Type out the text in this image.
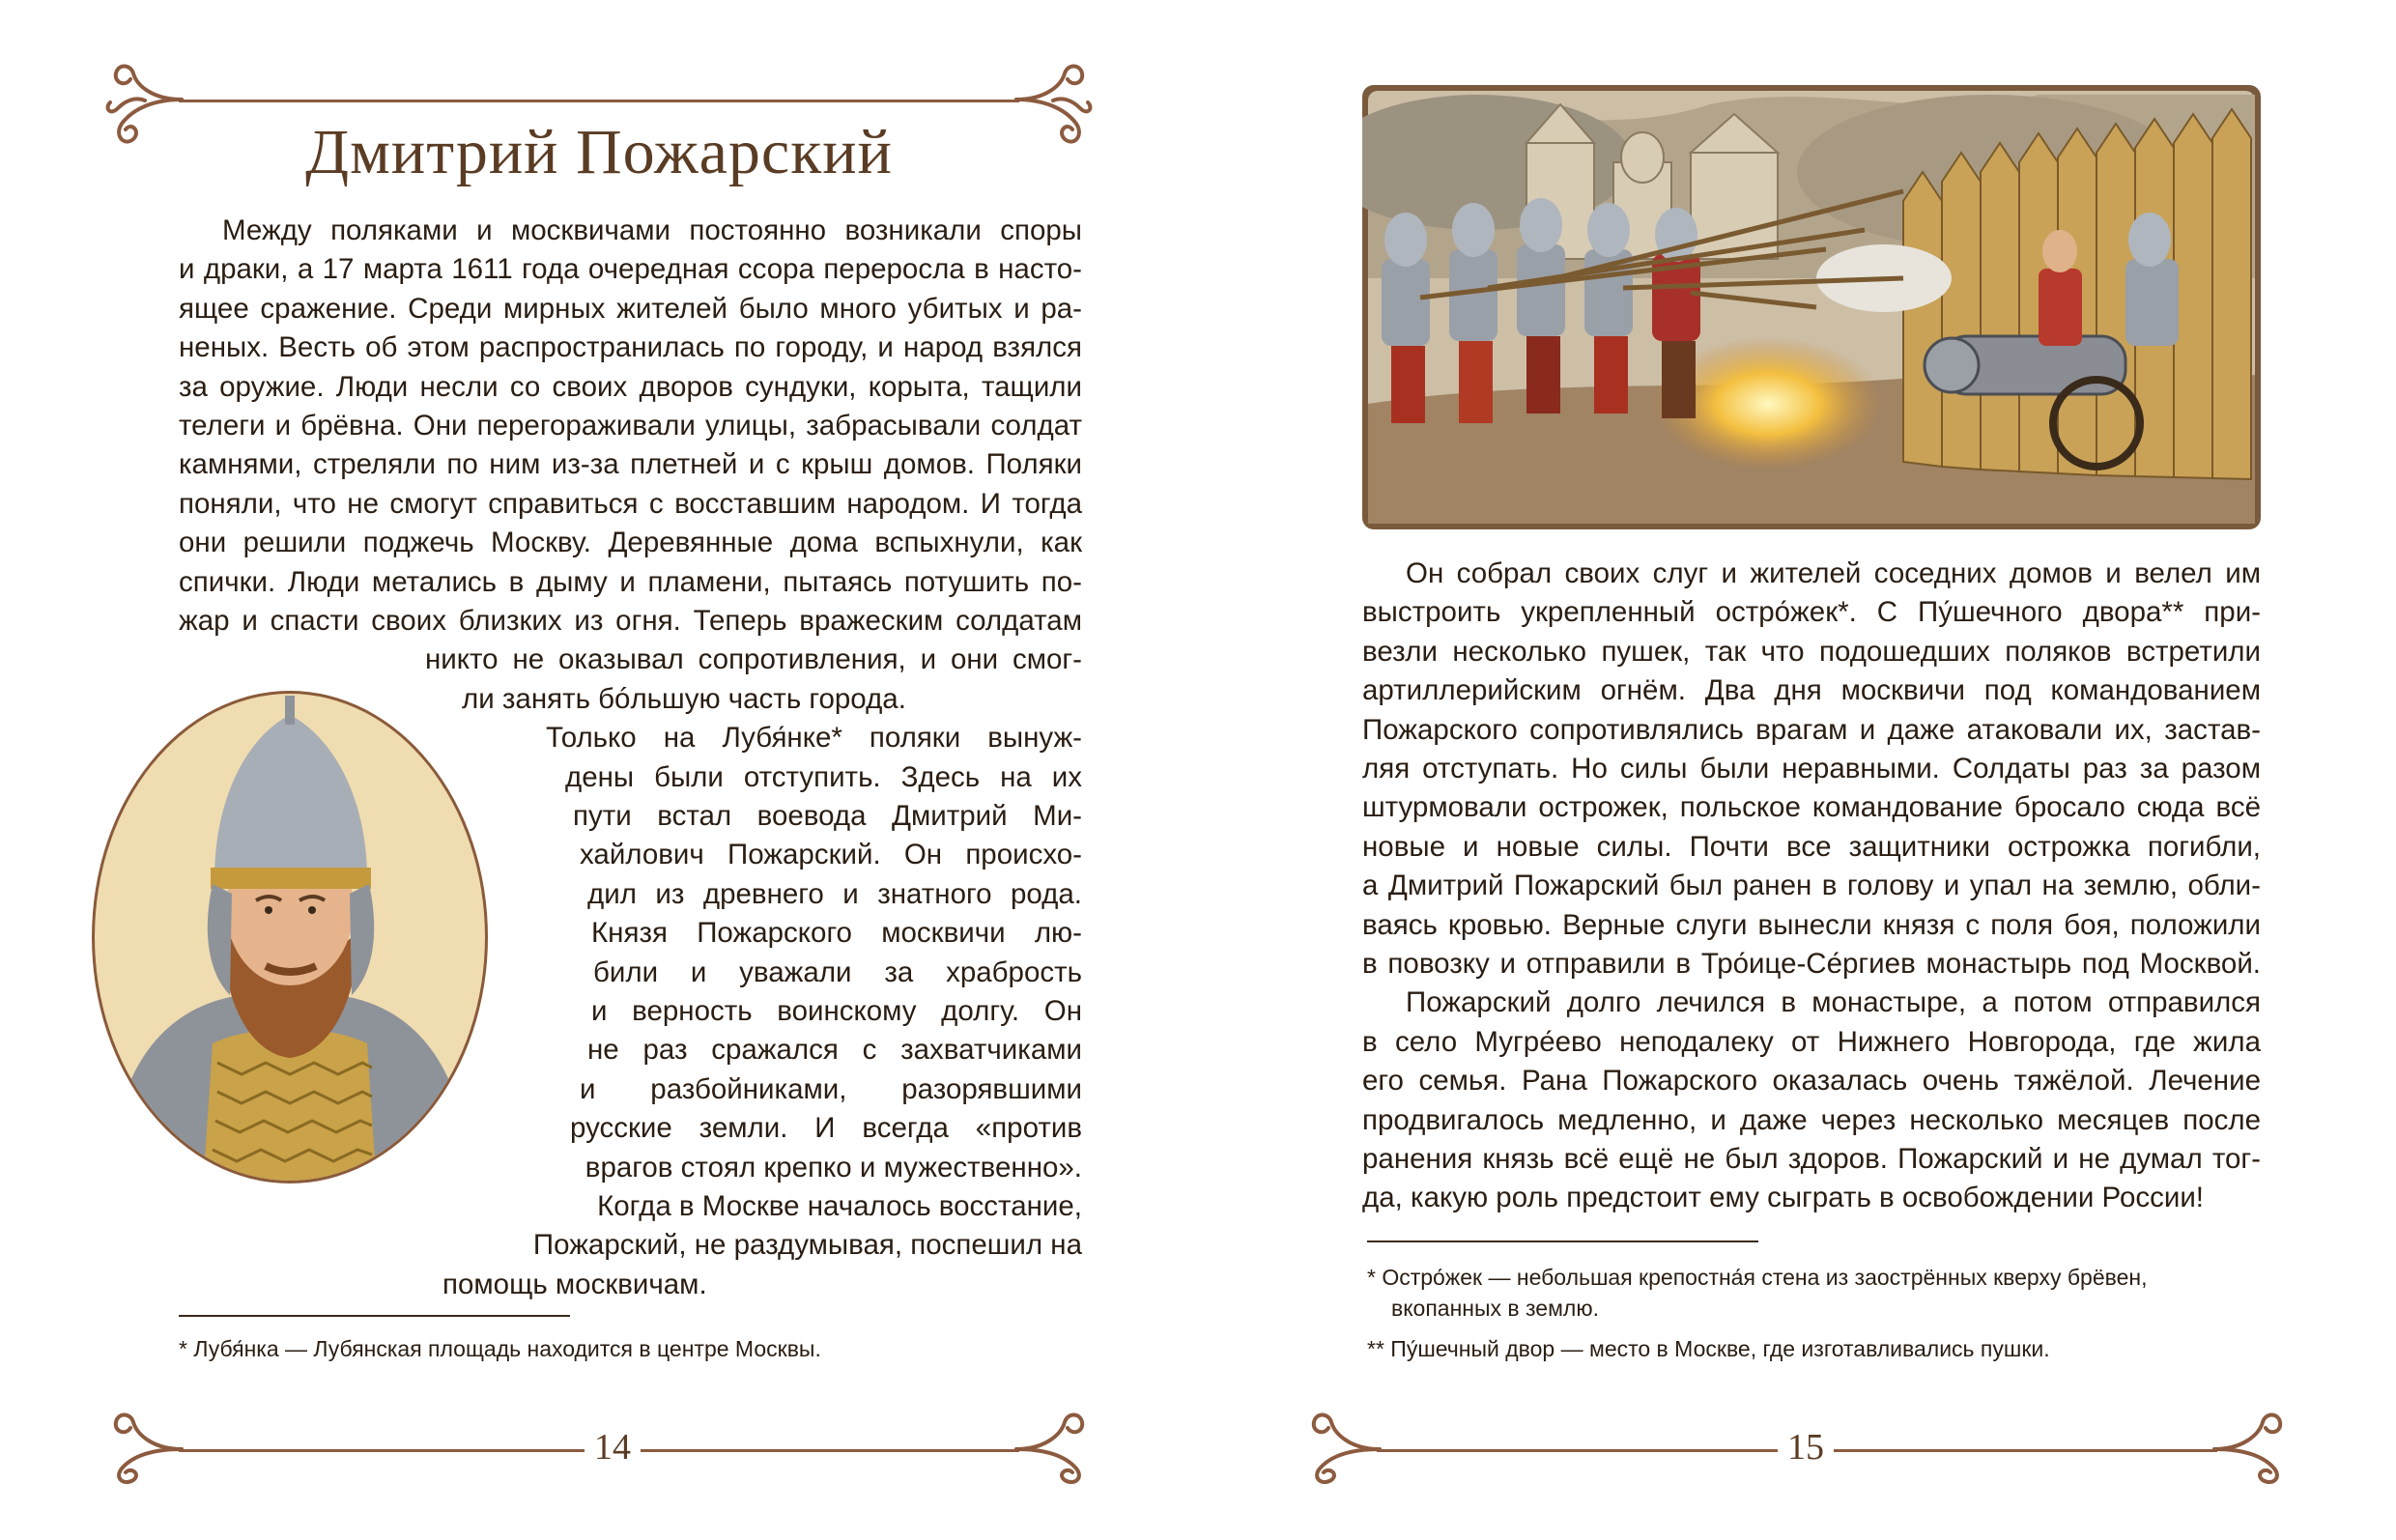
Дмитрий Пожарский

Между поляками и москвичами постоянно возникали споры

и драки, а 17 марта 1611 года очередная ссора переросла в насто-

ящее сражение. Среди мирных жителей было много убитых и ра-

неных. Весть об этом распространилась по городу, и народ взялся

за оружие. Люди несли со своих дворов сундуки, корыта, тащили

телеги и брёвна. Они перегораживали улицы, забрасывали солдат

камнями, стреляли по ним из-за плетней и с крыш домов. Поляки

поняли, что не смогут справиться с восставшим народом. И тогда

они решили поджечь Москву. Деревянные дома вспыхнули, как

спички. Люди метались в дыму и пламени, пытаясь потушить по-

жар и спасти своих близких из огня. Теперь вражеским солдатам

никто не оказывал сопротивления, и они смог-

ли занять бóльшую часть города.

Только на Лубя́нке* поляки вынуж-

дены были отступить. Здесь на их

пути встал воевода Дмитрий Ми-

хайлович Пожарский. Он происхо-

дил из древнего и знатного рода.

Князя Пожарского москвичи лю-

били и уважали за храбрость

и верность воинскому долгу. Он

не раз сражался с захватчиками

и разбойниками, разорявшими

русские земли. И всегда «против

врагов стоял крепко и мужественно».

Когда в Москве началось восстание,

Пожарский, не раздумывая, поспешил на

помощь москвичам.

* Лубя́нка — Лубянская площадь находится в центре Москвы.

14

Он собрал своих слуг и жителей соседних домов и велел им

выстроить укрепленный остро́жек*. С Пу́шечного двора** при-

везли несколько пушек, так что подошедших поляков встретили

артиллерийским огнём. Два дня москвичи под командованием

Пожарского сопротивлялись врагам и даже атаковали их, застав-

ляя отступать. Но силы были неравными. Солдаты раз за разом

штурмовали острожек, польское командование бросало сюда всё

новые и новые силы. Почти все защитники острожка погибли,

а Дмитрий Пожарский был ранен в голову и упал на землю, обли-

ваясь кровью. Верные слуги вынесли князя с поля боя, положили

в повозку и отправили в Тро́ице-Се́ргиев монастырь под Москвой.

Пожарский долго лечился в монастыре, а потом отправился

в село Мугре́ево неподалеку от Нижнего Новгорода, где жила

его семья. Рана Пожарского оказалась очень тяжёлой. Лечение

продвигалось медленно, и даже через несколько месяцев после

ранения князь всё ещё не был здоров. Пожарский и не думал тог-

да, какую роль предстоит ему сыграть в освобождении России!

* Остро́жек — небольшая крепостна́я стена из заострённых кверху брёвен,

вкопанных в землю.

** Пу́шечный двор — место в Москве, где изготавливались пушки.

15
